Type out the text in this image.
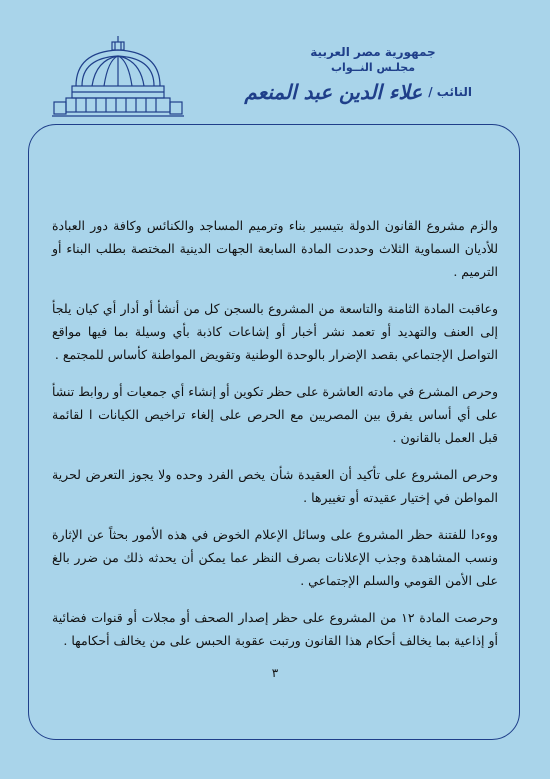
جمهورية مصر العربية
مجلـس النــواب
النائب /
علاء الدين عبد المنعم

والزم مشروع القانون الدولة بتيسير بناء وترميم المساجد والكنائس وكافة دور العبادة للأديان السماوية الثلاث وحددت المادة السابعة الجهات الدينية المختصة بطلب البناء أو الترميم .

وعاقبت المادة الثامنة والتاسعة من المشروع بالسجن كل من أنشأ أو أدار أي كيان يلجأ إلى العنف والتهديد أو تعمد نشر أخبار أو إشاعات كاذبة بأي وسيلة بما فيها مواقع التواصل الإجتماعي بقصد الإضرار بالوحدة الوطنية وتقويض المواطنة كأساس للمجتمع .

وحرص المشرع في مادته العاشرة على حظر تكوين أو إنشاء أي جمعيات أو روابط تنشأ على أي أساس يفرق بين المصريين مع الحرص على إلغاء تراخيص الكيانات ا لقائمة قبل العمل بالقانون .

وحرص المشروع على تأكيد أن العقيدة شأن يخص الفرد وحده ولا يجوز التعرض لحرية المواطن في إختيار عقيدته أو تغييرها .

ووءدا للفتنة حظر المشروع على وسائل الإعلام الخوض في هذه الأمور بحثاً عن الإثارة ونسب المشاهدة وجذب الإعلانات بصرف النظر عما يمكن أن يحدثه ذلك من ضرر بالغ على الأمن القومي والسلم الإجتماعي .

وحرصت المادة ١٢ من المشروع على حظر إصدار الصحف أو مجلات أو قنوات فضائية أو إذاعية بما يخالف أحكام هذا القانون ورتبت عقوبة الحبس على من يخالف أحكامها .

٣
